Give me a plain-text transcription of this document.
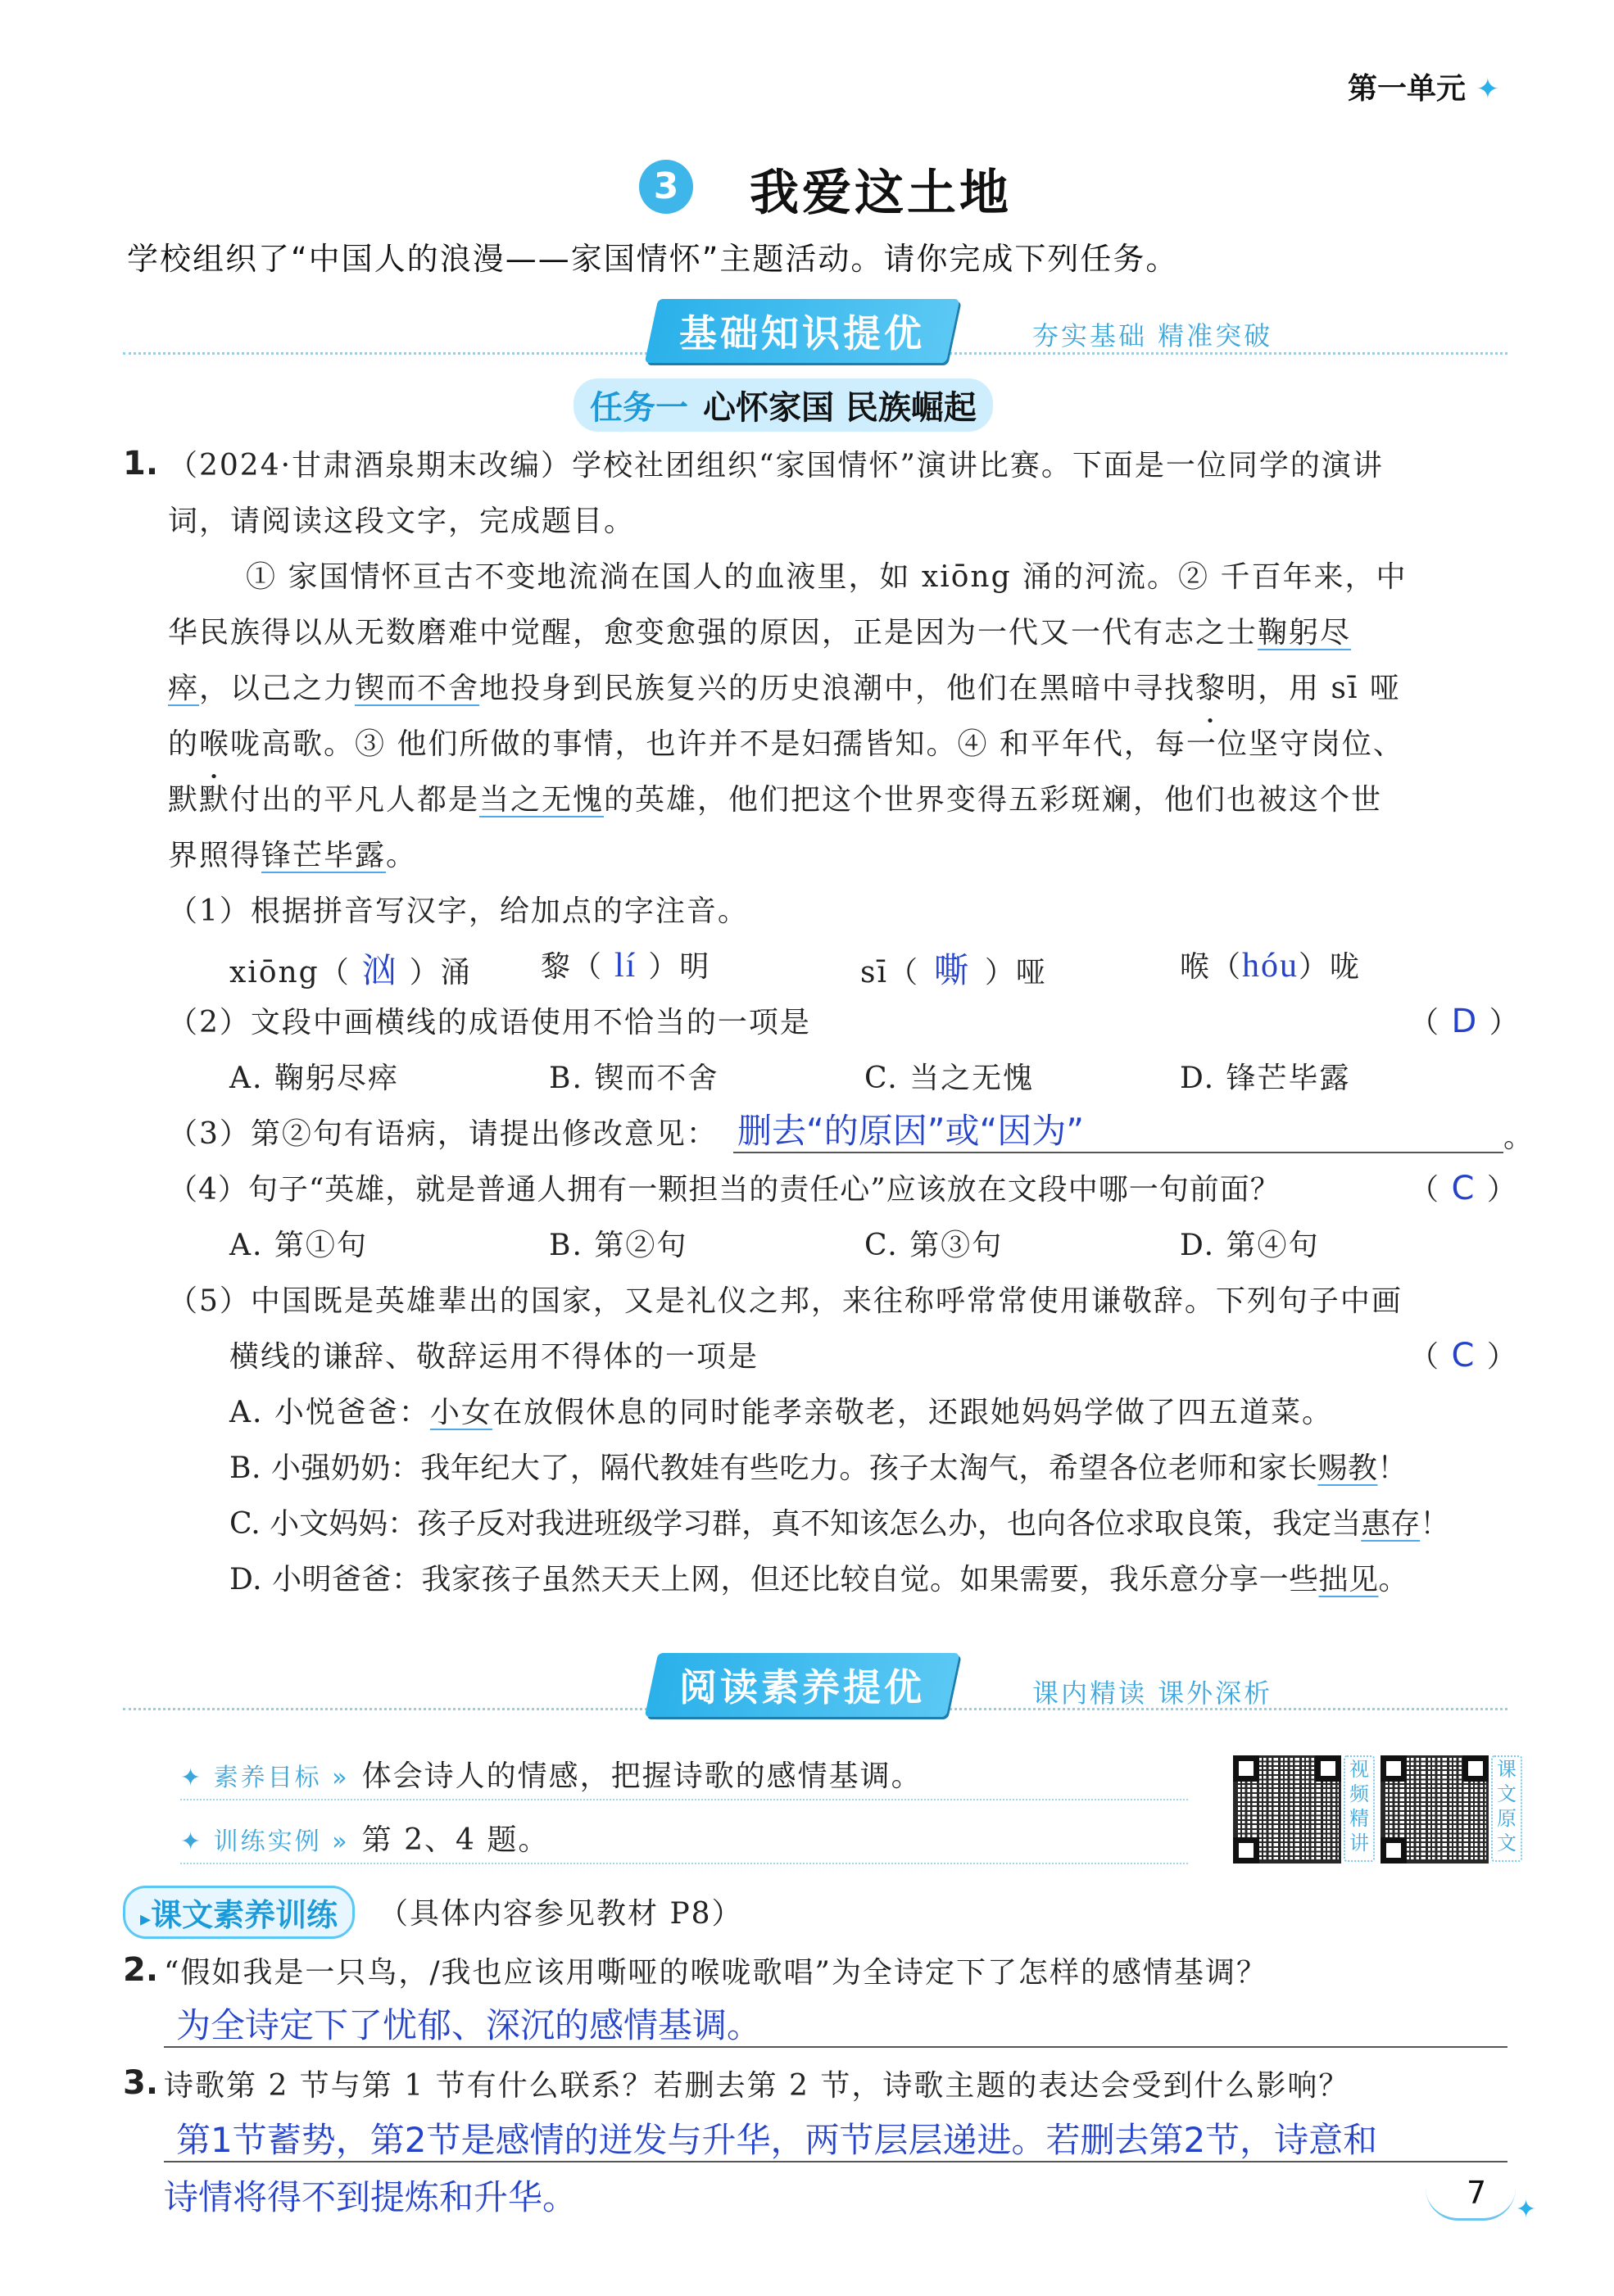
第一单元 ✦
3 我爱这土地
学校组织了“中国人的浪漫——家国情怀”主题活动。请你完成下列任务。
基础知识提优	夯实基础 精准突破
任务一 心怀家国 民族崛起
1. （2024·甘肃酒泉期末改编）学校社团组织“家国情怀”演讲比赛。下面是一位同学的演讲
词，请阅读这段文字，完成题目。
① 家国情怀亘古不变地流淌在国人的血液里，如 xiōng 涌的河流。② 千百年来，中
华民族得以从无数磨难中觉醒，愈变愈强的原因，正是因为一代又一代有志之士鞠躬尽
瘁，以己之力锲而不舍地投身到民族复兴的历史浪潮中，他们在黑暗中寻找黎明，用 sī 哑
的喉咙高歌。③ 他们所做的事情，也许并不是妇孺皆知。④ 和平年代，每一位坚守岗位、
默默付出的平凡人都是当之无愧的英雄，他们把这个世界变得五彩斑斓，他们也被这个世
界照得锋芒毕露。
（1）根据拼音写汉字，给加点的字注音。
xiōng（ 汹 ）涌 黎（ lí ）明	sī（ 嘶 ）哑	喉（hóu）咙
（2）文段中画横线的成语使用不恰当的一项是	（ D ）
A. 鞠躬尽瘁	B. 锲而不舍	C. 当之无愧	D. 锋芒毕露
（3）第②句有语病，请提出修改意见： 删去“的原因”或“因为”	。
（4）句子“英雄，就是普通人拥有一颗担当的责任心”应该放在文段中哪一句前面？	（ C ）
A. 第①句	B. 第②句	C. 第③句	D. 第④句
（5）中国既是英雄辈出的国家，又是礼仪之邦，来往称呼常常使用谦敬辞。下列句子中画
横线的谦辞、敬辞运用不得体的一项是	（ C ）
A. 小悦爸爸：小女在放假休息的同时能孝亲敬老，还跟她妈妈学做了四五道菜。
B. 小强奶奶：我年纪大了，隔代教娃有些吃力。孩子太淘气，希望各位老师和家长赐教！
C. 小文妈妈：孩子反对我进班级学习群，真不知该怎么办，也向各位求取良策，我定当惠存！
D. 小明爸爸：我家孩子虽然天天上网，但还比较自觉。如果需要，我乐意分享一些拙见。
阅读素养提优	课内精读 课外深析
✦ 素养目标 » 体会诗人的情感，把握诗歌的感情基调。
✦ 训练实例 » 第 2、4 题。
视频精讲
课文原文
▸课文素养训练	（具体内容参见教材 P8）
2. “假如我是一只鸟，/我也应该用嘶哑的喉咙歌唱”为全诗定下了怎样的感情基调？
为全诗定下了忧郁、深沉的感情基调。
3. 诗歌第 2 节与第 1 节有什么联系？若删去第 2 节，诗歌主题的表达会受到什么影响？
第1节蓄势，第2节是感情的迸发与升华，两节层层递进。若删去第2节，诗意和
诗情将得不到提炼和升华。	7 ✦
